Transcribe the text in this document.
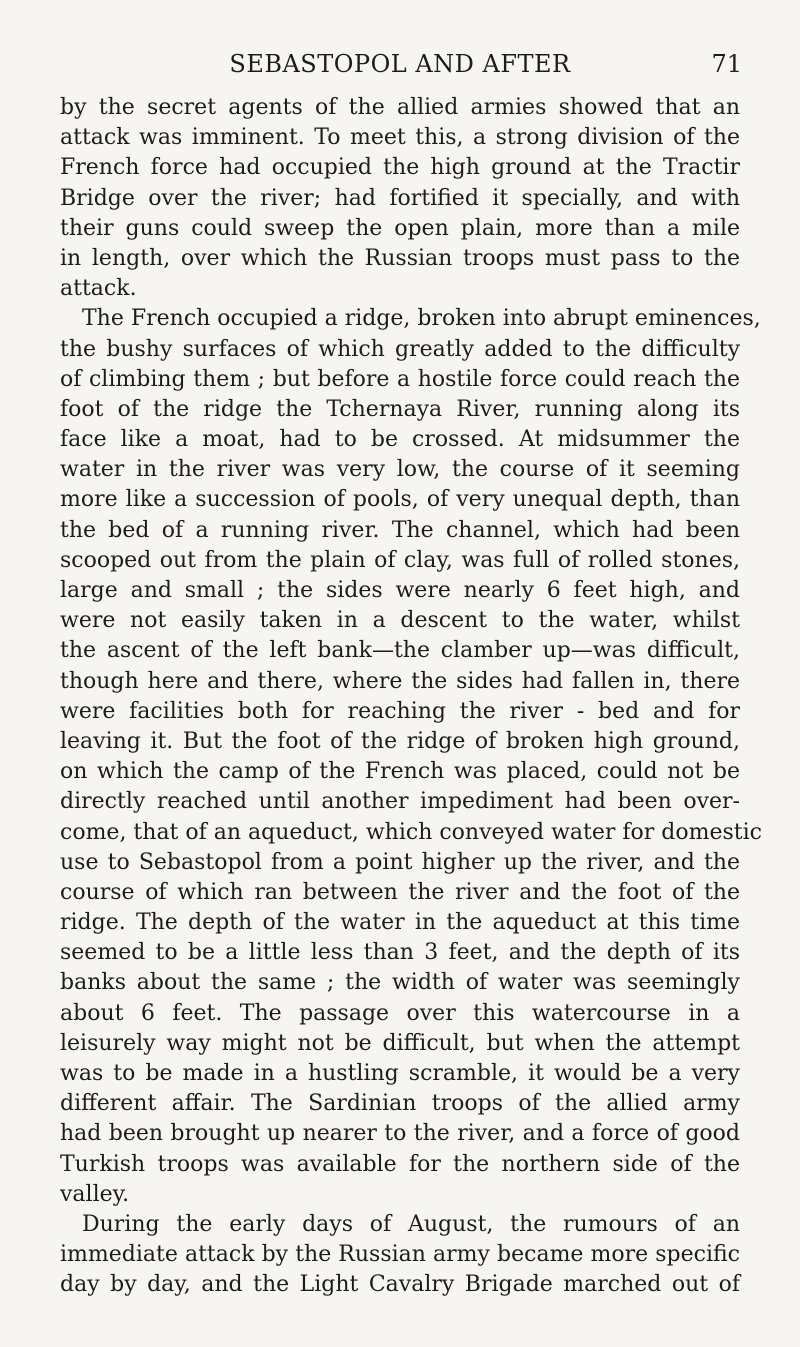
SEBASTOPOL AND AFTER	71
by the secret agents of the allied armies showed that an
attack was imminent. To meet this, a strong division of the
French force had occupied the high ground at the Tractir
Bridge over the river; had fortified it specially, and with
their guns could sweep the open plain, more than a mile
in length, over which the Russian troops must pass to the
attack.
The French occupied a ridge, broken into abrupt eminences,
the bushy surfaces of which greatly added to the difficulty
of climbing them ; but before a hostile force could reach the
foot of the ridge the Tchernaya River, running along its
face like a moat, had to be crossed. At midsummer the
water in the river was very low, the course of it seeming
more like a succession of pools, of very unequal depth, than
the bed of a running river. The channel, which had been
scooped out from the plain of clay, was full of rolled stones,
large and small ; the sides were nearly 6 feet high, and
were not easily taken in a descent to the water, whilst
the ascent of the left bank—the clamber up—was difficult,
though here and there, where the sides had fallen in, there
were facilities both for reaching the river - bed and for
leaving it. But the foot of the ridge of broken high ground,
on which the camp of the French was placed, could not be
directly reached until another impediment had been over-
come, that of an aqueduct, which conveyed water for domestic
use to Sebastopol from a point higher up the river, and the
course of which ran between the river and the foot of the
ridge. The depth of the water in the aqueduct at this time
seemed to be a little less than 3 feet, and the depth of its
banks about the same ; the width of water was seemingly
about 6 feet. The passage over this watercourse in a
leisurely way might not be difficult, but when the attempt
was to be made in a hustling scramble, it would be a very
different affair. The Sardinian troops of the allied army
had been brought up nearer to the river, and a force of good
Turkish troops was available for the northern side of the
valley.
During the early days of August, the rumours of an
immediate attack by the Russian army became more specific
day by day, and the Light Cavalry Brigade marched out of
